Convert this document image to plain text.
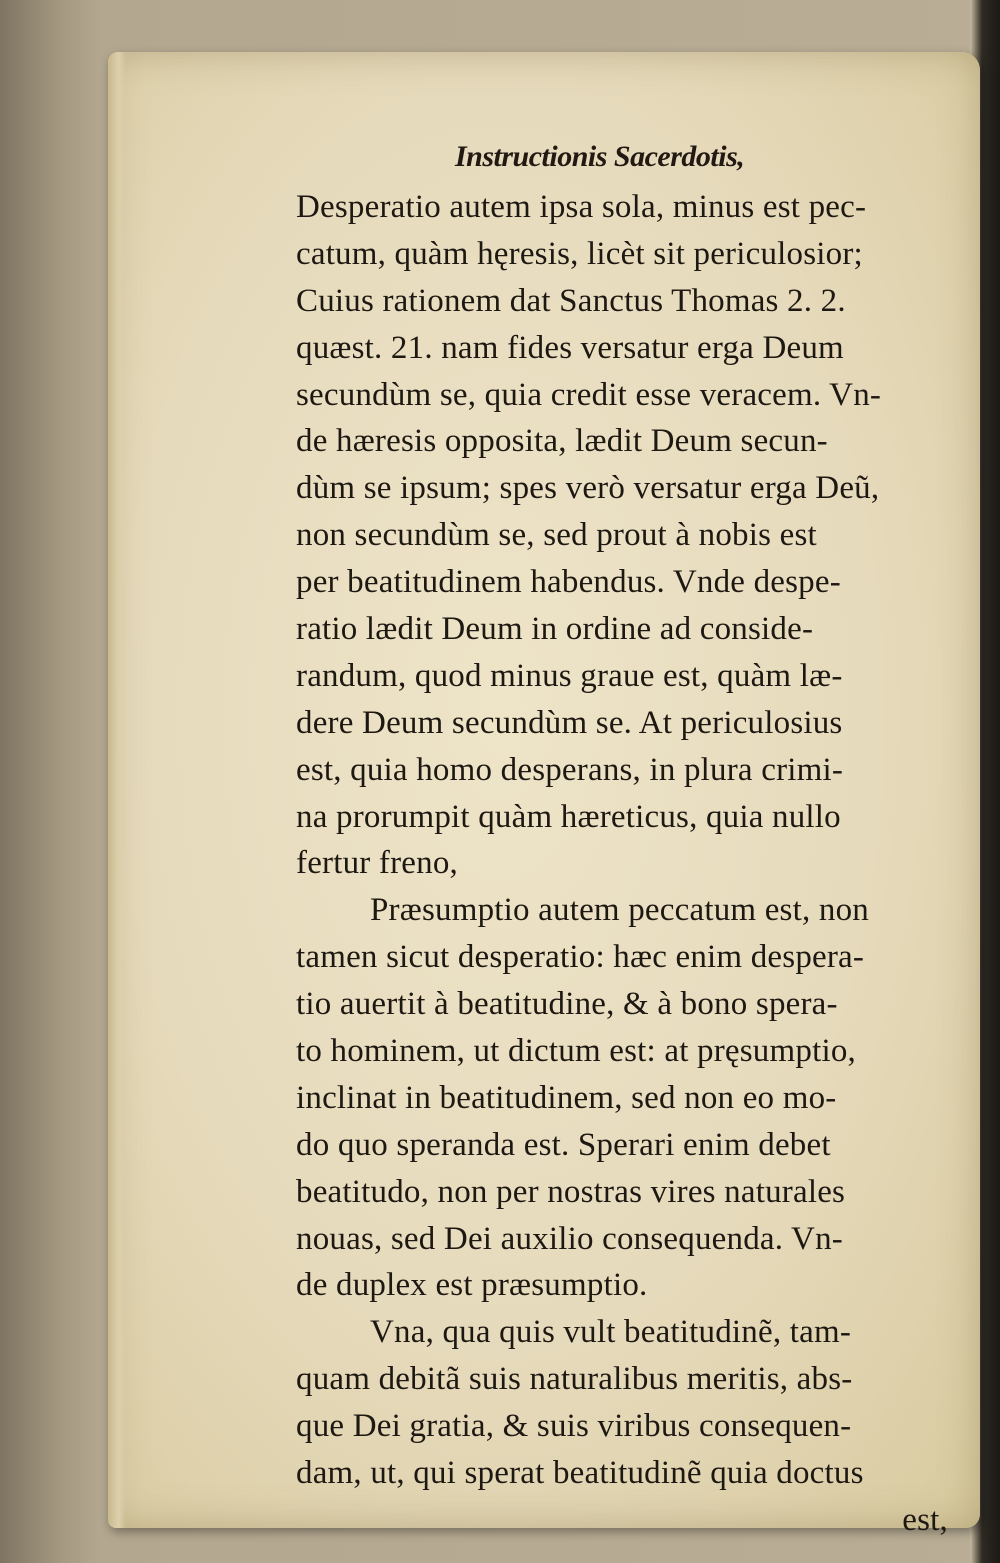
Instructionis Sacerdotis,
Desperatio autem ipsa sola, minus est pec-
catum, quàm hęresis, licèt sit periculosior;
Cuius rationem dat Sanctus Thomas 2. 2.
quæst. 21. nam fides versatur erga Deum
secundùm se, quia credit esse veracem. Vn-
de hæresis opposita, lædit Deum secun-
dùm se ipsum; spes verò versatur erga Deũ,
non secundùm se, sed prout à nobis est
per beatitudinem habendus. Vnde despe-
ratio lædit Deum in ordine ad conside-
randum, quod minus graue est, quàm læ-
dere Deum secundùm se. At periculosius
est, quia homo desperans, in plura crimi-
na prorumpit quàm hæreticus, quia nullo
fertur freno,
Præsumptio autem peccatum est, non
tamen sicut desperatio: hæc enim despera-
tio auertit à beatitudine, & à bono spera-
to hominem, ut dictum est: at pręsumptio,
inclinat in beatitudinem, sed non eo mo-
do quo speranda est. Sperari enim debet
beatitudo, non per nostras vires naturales
nouas, sed Dei auxilio consequenda. Vn-
de duplex est præsumptio.
Vna, qua quis vult beatitudinẽ, tam-
quam debitã suis naturalibus meritis, abs-
que Dei gratia, & suis viribus consequen-
dam, ut, qui sperat beatitudinẽ quia doctus
est,
